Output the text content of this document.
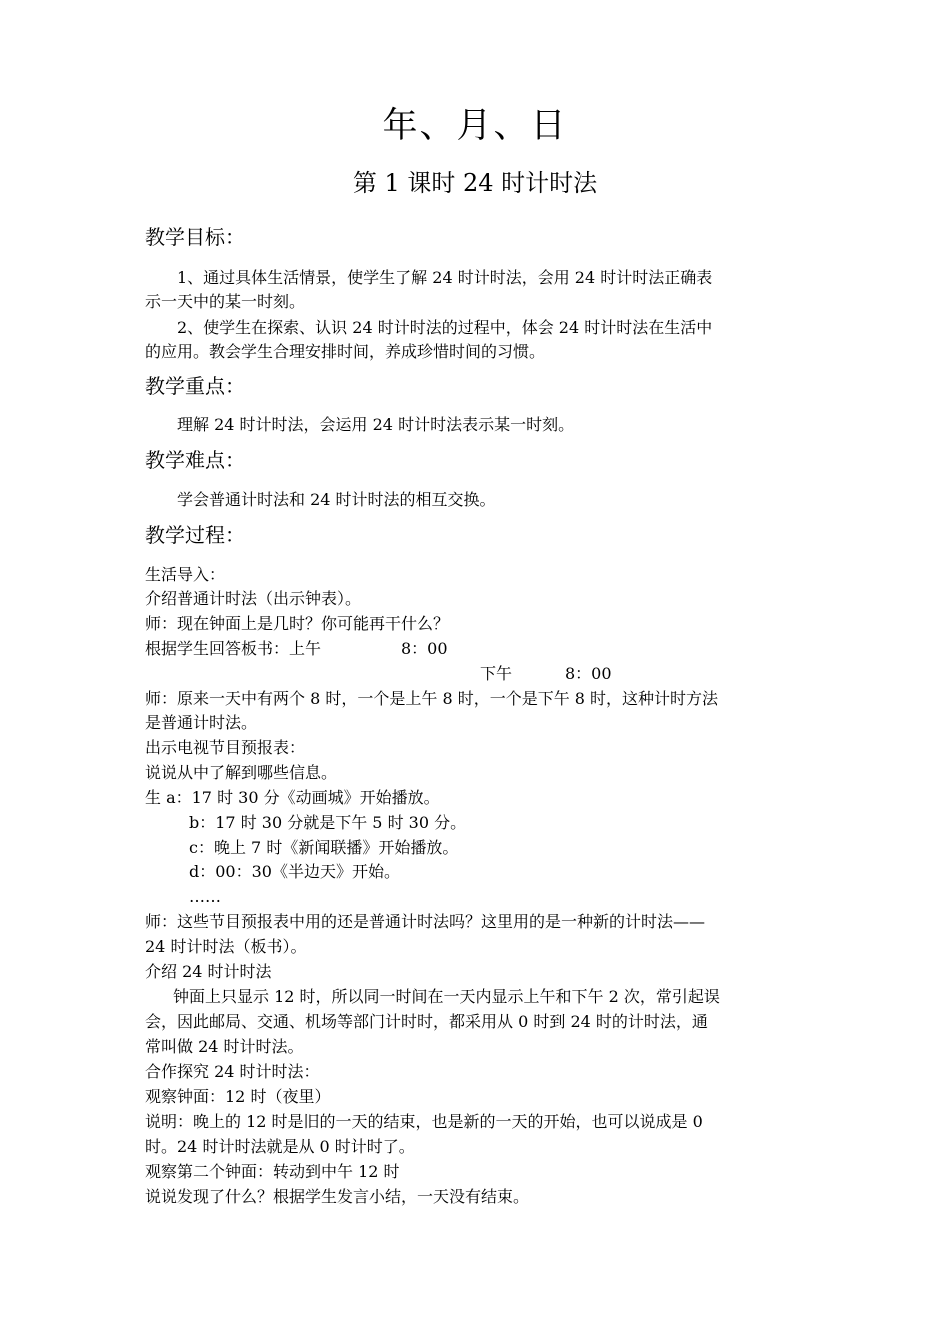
年、月、日
第 1 课时 24 时计时法
教学目标：
1、通过具体生活情景，使学生了解 24 时计时法，会用 24 时计时法正确表
示一天中的某一时刻。
2、使学生在探索、认识 24 时计时法的过程中，体会 24 时计时法在生活中
的应用。教会学生合理安排时间，养成珍惜时间的习惯。
教学重点：
理解 24 时计时法，会运用 24 时计时法表示某一时刻。
教学难点：
学会普通计时法和 24 时计时法的相互交换。
教学过程：
生活导入：
介绍普通计时法（出示钟表）。
师：现在钟面上是几时？你可能再干什么？
根据学生回答板书：上午	8：00
下午	8：00
师：原来一天中有两个 8 时，一个是上午 8 时，一个是下午 8 时，这种计时方法
是普通计时法。
出示电视节目预报表：
说说从中了解到哪些信息。
生 a：17 时 30 分《动画城》开始播放。
b：17 时 30 分就是下午 5 时 30 分。
c：晚上 7 时《新闻联播》开始播放。
d：00：30《半边天》开始。
……
师：这些节目预报表中用的还是普通计时法吗？这里用的是一种新的计时法——
24 时计时法（板书）。
介绍 24 时计时法
钟面上只显示 12 时，所以同一时间在一天内显示上午和下午 2 次，常引起误
会，因此邮局、交通、机场等部门计时时，都采用从 0 时到 24 时的计时法，通
常叫做 24 时计时法。
合作探究 24 时计时法：
观察钟面：12 时（夜里）
说明：晚上的 12 时是旧的一天的结束，也是新的一天的开始，也可以说成是 0
时。24 时计时法就是从 0 时计时了。
观察第二个钟面：转动到中午 12 时
说说发现了什么？根据学生发言小结，一天没有结束。
